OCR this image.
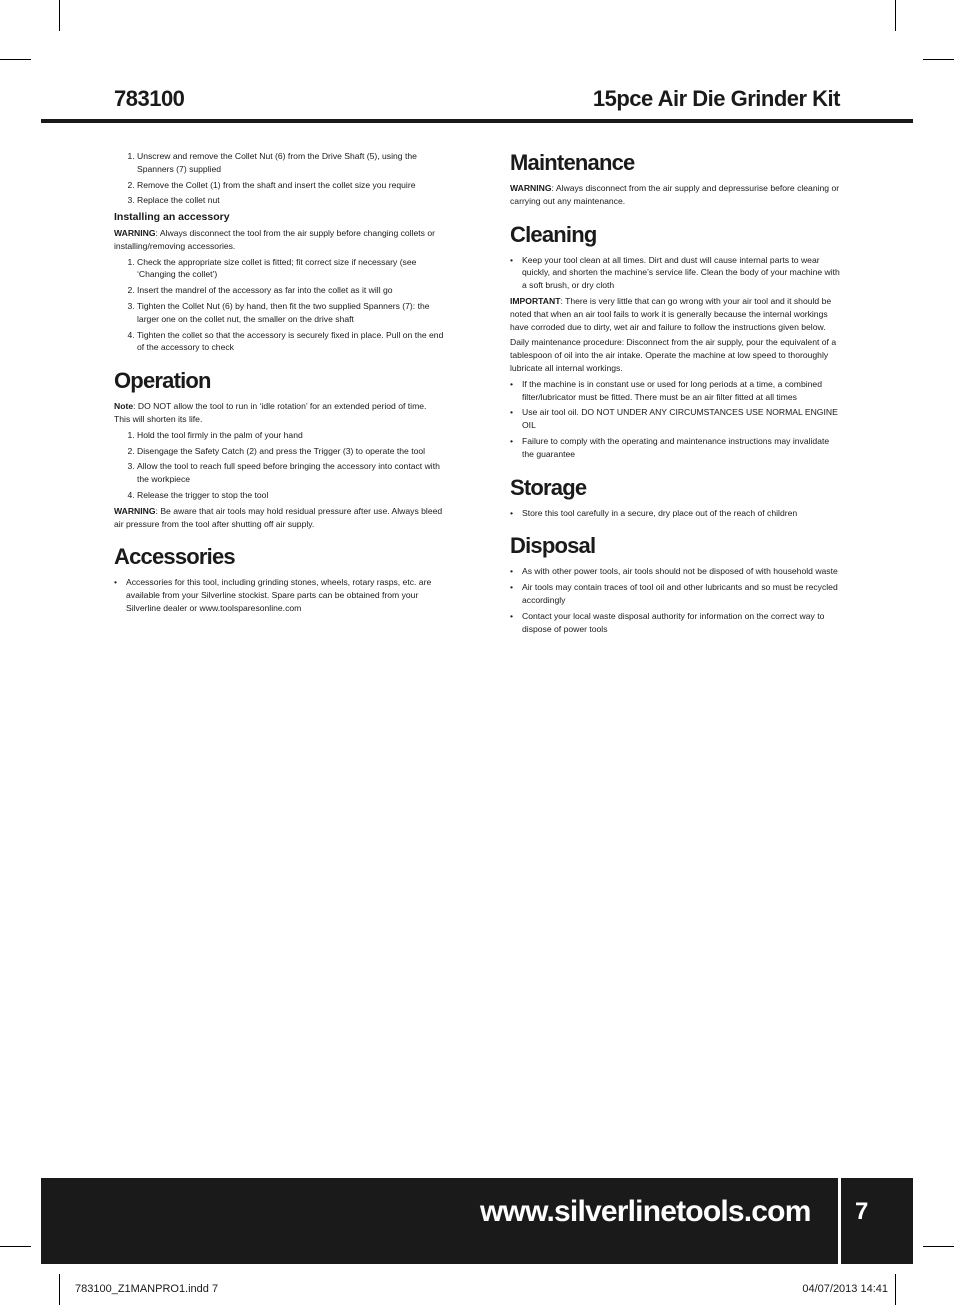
783100	15pce Air Die Grinder Kit
1. Unscrew and remove the Collet Nut (6) from the Drive Shaft (5), using the Spanners (7) supplied
2. Remove the Collet (1) from the shaft and insert the collet size you require
3. Replace the collet nut
Installing an accessory

WARNING: Always disconnect the tool from the air supply before changing collets or installing/removing accessories.

1. Check the appropriate size collet is fitted; fit correct size if necessary (see ‘Changing the collet’)
2. Insert the mandrel of the accessory as far into the collet as it will go
3. Tighten the Collet Nut (6) by hand, then fit the two supplied Spanners (7): the larger one on the collet nut, the smaller on the drive shaft
4. Tighten the collet so that the accessory is securely fixed in place. Pull on the end of the accessory to check
Operation

Note: DO NOT allow the tool to run in ‘idle rotation’ for an extended period of time. This will shorten its life.

1. Hold the tool firmly in the palm of your hand
2. Disengage the Safety Catch (2) and press the Trigger (3) to operate the tool
3. Allow the tool to reach full speed before bringing the accessory into contact with the workpiece
4. Release the trigger to stop the tool

WARNING: Be aware that air tools may hold residual pressure after use. Always bleed air pressure from the tool after shutting off air supply.

Accessories
• Accessories for this tool, including grinding stones, wheels, rotary rasps, etc. are available from your Silverline stockist. Spare parts can be obtained from your Silverline dealer or www.toolsparesonline.com
Maintenance

WARNING: Always disconnect from the air supply and depressurise before cleaning or carrying out any maintenance.

Cleaning
• Keep your tool clean at all times. Dirt and dust will cause internal parts to wear quickly, and shorten the machine’s service life. Clean the body of your machine with a soft brush, or dry cloth

IMPORTANT: There is very little that can go wrong with your air tool and it should be noted that when an air tool fails to work it is generally because the internal workings have corroded due to dirty, wet air and failure to follow the instructions given below.

Daily maintenance procedure: Disconnect from the air supply, pour the equivalent of a tablespoon of oil into the air intake. Operate the machine at low speed to thoroughly lubricate all internal workings.

• If the machine is in constant use or used for long periods at a time, a combined filter/lubricator must be fitted. There must be an air filter fitted at all times
• Use air tool oil. DO NOT UNDER ANY CIRCUMSTANCES USE NORMAL ENGINE OIL
• Failure to comply with the operating and maintenance instructions may invalidate the guarantee
Storage
• Store this tool carefully in a secure, dry place out of the reach of children
Disposal
• As with other power tools, air tools should not be disposed of with household waste
• Air tools may contain traces of tool oil and other lubricants and so must be recycled accordingly
• Contact your local waste disposal authority for information on the correct way to dispose of power tools
www.silverlinetools.com 7
783100_Z1MANPRO1.indd 7	04/07/2013 14:41
